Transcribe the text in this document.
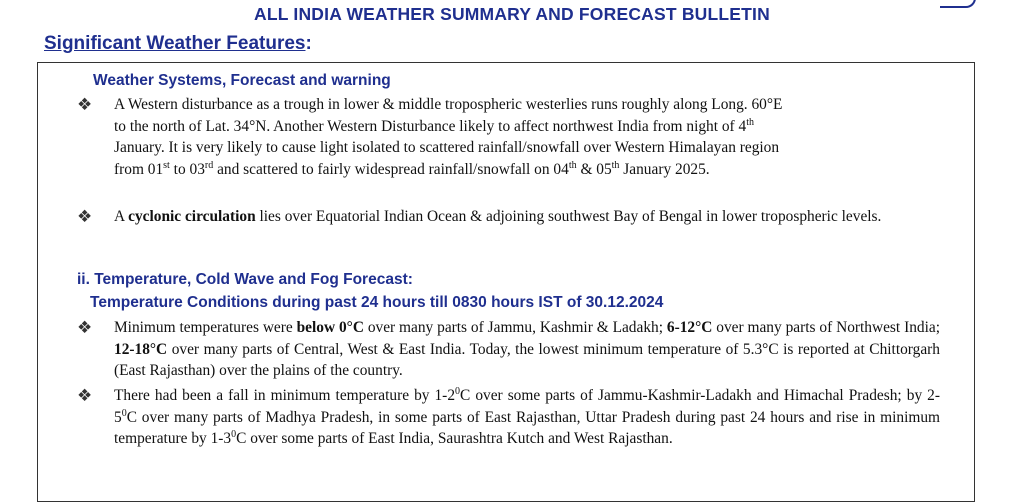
ALL INDIA WEATHER SUMMARY AND FORECAST BULLETIN
Significant Weather Features:
Weather Systems, Forecast and warning
❖ A Western disturbance as a trough in lower & middle tropospheric westerlies runs roughly along Long. 60°E
to the north of Lat. 34°N. Another Western Disturbance likely to affect northwest India from night of 4th
January. It is very likely to cause light isolated to scattered rainfall/snowfall over Western Himalayan region
from 01st to 03rd and scattered to fairly widespread rainfall/snowfall on 04th & 05th January 2025.
❖ A cyclonic circulation lies over Equatorial Indian Ocean & adjoining southwest Bay of Bengal in lower tropospheric levels.

ii. Temperature, Cold Wave and Fog Forecast:
Temperature Conditions during past 24 hours till 0830 hours IST of 30.12.2024
❖ Minimum temperatures were below 0°C over many parts of Jammu, Kashmir & Ladakh; 6-12°C over many parts of Northwest India; 12-18°C over many parts of Central, West & East India. Today, the lowest minimum temperature of 5.3°C is reported at Chittorgarh (East Rajasthan) over the plains of the country.

❖ There had been a fall in minimum temperature by $1-2^0C$ over some parts of Jammu-Kashmir-Ladakh and Himachal Pradesh; by $2-5^0C$ over many parts of Madhya Pradesh, in some parts of East Rajasthan, Uttar Pradesh during past 24 hours and rise in minimum temperature by $1-3^0C$ over some parts of East India, Saurashtra Kutch and West Rajasthan.
